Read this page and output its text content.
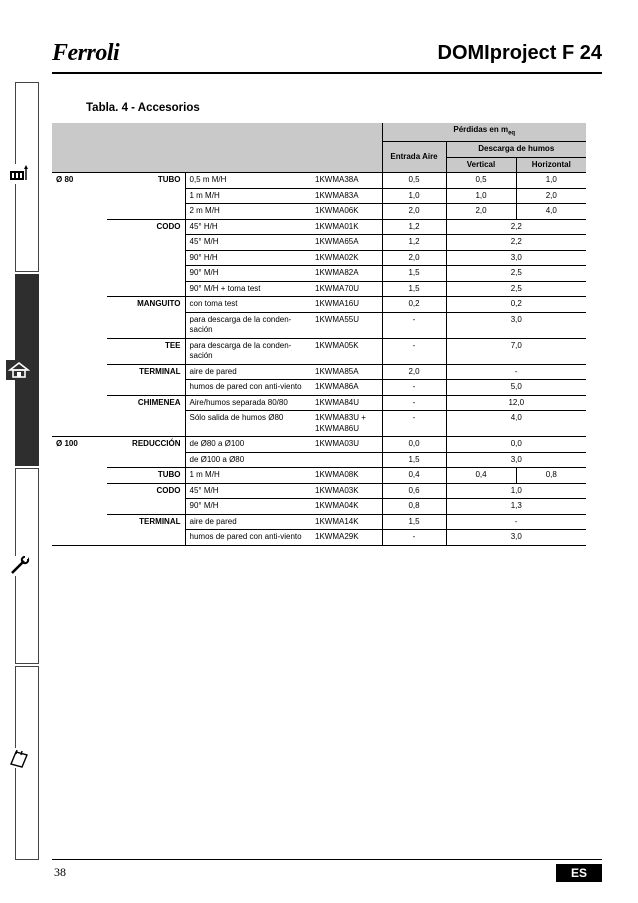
Ferroli	DOMIproject F 24
Tabla. 4 - Accesorios
				Pérdidas en $m_{eq}$
				Entrada Aire	Descarga de humos	
					Vertical	Horizontal
Ø 80	TUBO	0,5 m M/H	1KWMA38A	0,5	0,5	1,0
		1 m M/H	1KWMA83A	1,0	1,0	2,0
		2 m M/H	1KWMA06K	2,0	2,0	4,0
	CODO	45° H/H	1KWMA01K	1,2	2,2	
		45° M/H	1KWMA65A	1,2	2,2	
		90° H/H	1KWMA02K	2,0	3,0	
		90° M/H	1KWMA82A	1,5	2,5	
		90° M/H + toma test	1KWMA70U	1,5	2,5	
	MANGUITO	con toma test	1KWMA16U	0,2	0,2	
		para descarga de la conden-sación	1KWMA55U	-	3,0	
	TEE	para descarga de la conden-sación	1KWMA05K	-	7,0	
	TERMINAL	aire de pared	1KWMA85A	2,0	-	
		humos de pared con anti-viento	1KWMA86A	-	5,0	
	CHIMENEA	Aire/humos separada 80/80	1KWMA84U	-	12,0	
		Sólo salida de humos Ø80	1KWMA83U + 1KWMA86U	-	4,0	
Ø 100	REDUCCIÓN	de Ø80 a Ø100	1KWMA03U	0,0	0,0	
		de Ø100 a Ø80		1,5	3,0	
	TUBO	1 m M/H	1KWMA08K	0,4	0,4	0,8
	CODO	45° M/H	1KWMA03K	0,6	1,0	
		90° M/H	1KWMA04K	0,8	1,3	
	TERMINAL	aire de pared	1KWMA14K	1,5	-	
		humos de pared con anti-viento	1KWMA29K	-	3,0	
38	ES
